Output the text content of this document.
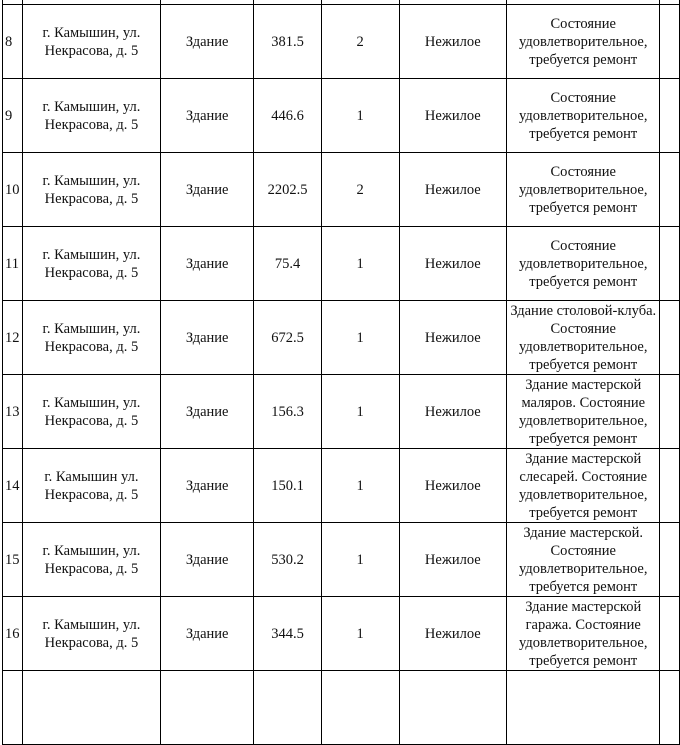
8	г. Камышин, ул. Некрасова, д. 5	Здание	381.5	2	Нежилое	Состояние удовлетворительное, требуется ремонт	
9	г. Камышин, ул. Некрасова, д. 5	Здание	446.6	1	Нежилое	Состояние удовлетворительное, требуется ремонт	
10	г. Камышин, ул. Некрасова, д. 5	Здание	2202.5	2	Нежилое	Состояние удовлетворительное, требуется ремонт	
11	г. Камышин, ул. Некрасова, д. 5	Здание	75.4	1	Нежилое	Состояние удовлетворительное, требуется ремонт	
12	г. Камышин, ул. Некрасова, д. 5	Здание	672.5	1	Нежилое	Здание столовой-клуба. Состояние удовлетворительное, требуется ремонт	
13	г. Камышин, ул. Некрасова, д. 5	Здание	156.3	1	Нежилое	Здание мастерской маляров. Состояние удовлетворительное, требуется ремонт	
14	г. Камышин ул. Некрасова, д. 5	Здание	150.1	1	Нежилое	Здание мастерской слесарей. Состояние удовлетворительное, требуется ремонт	
15	г. Камышин, ул. Некрасова, д. 5	Здание	530.2	1	Нежилое	Здание мастерской. Состояние удовлетворительное, требуется ремонт	
16	г. Камышин, ул. Некрасова, д. 5	Здание	344.5	1	Нежилое	Здание мастерской гаража. Состояние удовлетворительное, требуется ремонт	
